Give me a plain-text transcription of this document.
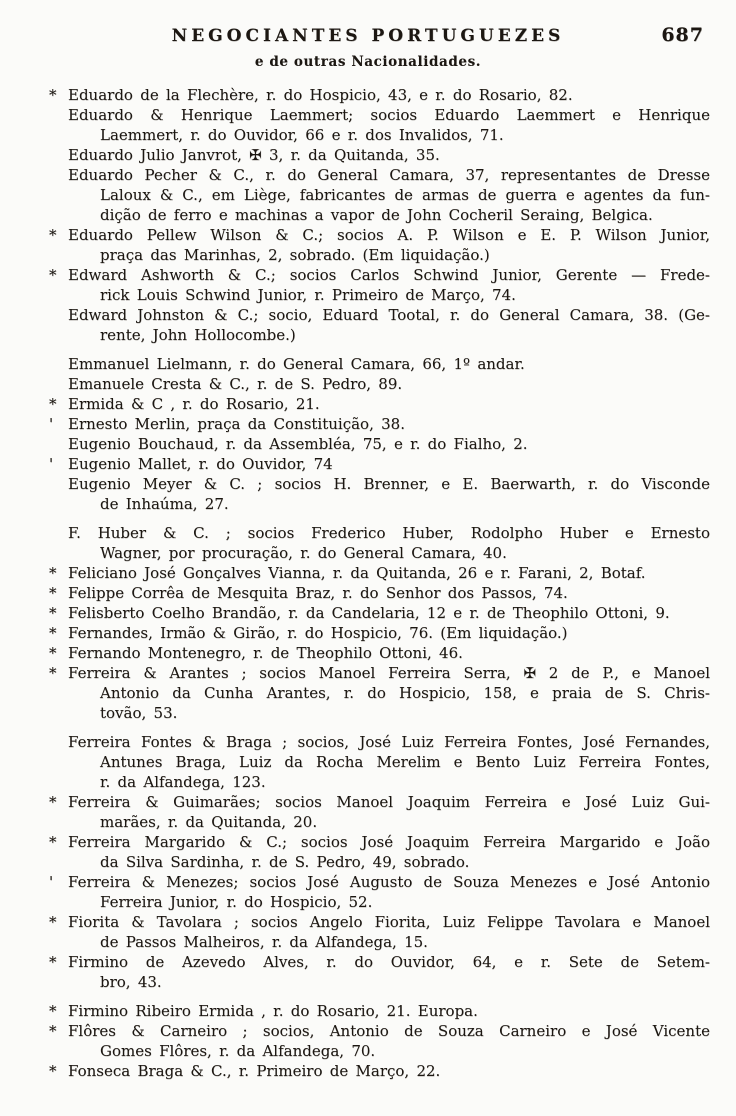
NEGOCIANTES PORTUGUEZES	687
e de outras Nacionalidades.
* Eduardo de la Flechère, r. do Hospicio, 43, e r. do Rosario, 82.
Eduardo & Henrique Laemmert; socios Eduardo Laemmert e Henrique
Laemmert, r. do Ouvidor, 66 e r. dos Invalidos, 71.
Eduardo Julio Janvrot, ✠ 3, r. da Quitanda, 35.
Eduardo Pecher & C., r. do General Camara, 37, representantes de Dresse
Laloux & C., em Liège, fabricantes de armas de guerra e agentes da fun-
dição de ferro e machinas a vapor de John Cocheril Seraing, Belgica.
* Eduardo Pellew Wilson & C.; socios A. P. Wilson e E. P. Wilson Junior,
praça das Marinhas, 2, sobrado. (Em liquidação.)
* Edward Ashworth & C.; socios Carlos Schwind Junior, Gerente — Frede-
rick Louis Schwind Junior, r. Primeiro de Março, 74.
Edward Johnston & C.; socio, Eduard Tootal, r. do General Camara, 38. (Ge-
rente, John Hollocombe.)
Emmanuel Lielmann, r. do General Camara, 66, 1º andar.
Emanuele Cresta & C., r. de S. Pedro, 89.
* Ermida & C , r. do Rosario, 21.
' Ernesto Merlin, praça da Constituição, 38.
Eugenio Bouchaud, r. da Assembléa, 75, e r. do Fialho, 2.
' Eugenio Mallet, r. do Ouvidor, 74
Eugenio Meyer & C. ; socios H. Brenner, e E. Baerwarth, r. do Visconde
de Inhaúma, 27.
F. Huber & C. ; socios Frederico Huber, Rodolpho Huber e Ernesto
Wagner, por procuração, r. do General Camara, 40.
* Feliciano José Gonçalves Vianna, r. da Quitanda, 26 e r. Farani, 2, Botaf.
* Felippe Corrêa de Mesquita Braz, r. do Senhor dos Passos, 74.
* Felisberto Coelho Brandão, r. da Candelaria, 12 e r. de Theophilo Ottoni, 9.
* Fernandes, Irmão & Girão, r. do Hospicio, 76. (Em liquidação.)
* Fernando Montenegro, r. de Theophilo Ottoni, 46.
* Ferreira & Arantes ; socios Manoel Ferreira Serra, ✠ 2 de P., e Manoel
Antonio da Cunha Arantes, r. do Hospicio, 158, e praia de S. Chris-
tovão, 53.
Ferreira Fontes & Braga ; socios, José Luiz Ferreira Fontes, José Fernandes,
Antunes Braga, Luiz da Rocha Merelim e Bento Luiz Ferreira Fontes,
r. da Alfandega, 123.
* Ferreira & Guimarães; socios Manoel Joaquim Ferreira e José Luiz Gui-
marães, r. da Quitanda, 20.
* Ferreira Margarido & C.; socios José Joaquim Ferreira Margarido e João
da Silva Sardinha, r. de S. Pedro, 49, sobrado.
' Ferreira & Menezes; socios José Augusto de Souza Menezes e José Antonio
Ferreira Junior, r. do Hospicio, 52.
* Fiorita & Tavolara ; socios Angelo Fiorita, Luiz Felippe Tavolara e Manoel
de Passos Malheiros, r. da Alfandega, 15.
* Firmino de Azevedo Alves, r. do Ouvidor, 64, e r. Sete de Setem-
bro, 43.
* Firmino Ribeiro Ermida , r. do Rosario, 21. Europa.
* Flôres & Carneiro ; socios, Antonio de Souza Carneiro e José Vicente
Gomes Flôres, r. da Alfandega, 70.
* Fonseca Braga & C., r. Primeiro de Março, 22.
